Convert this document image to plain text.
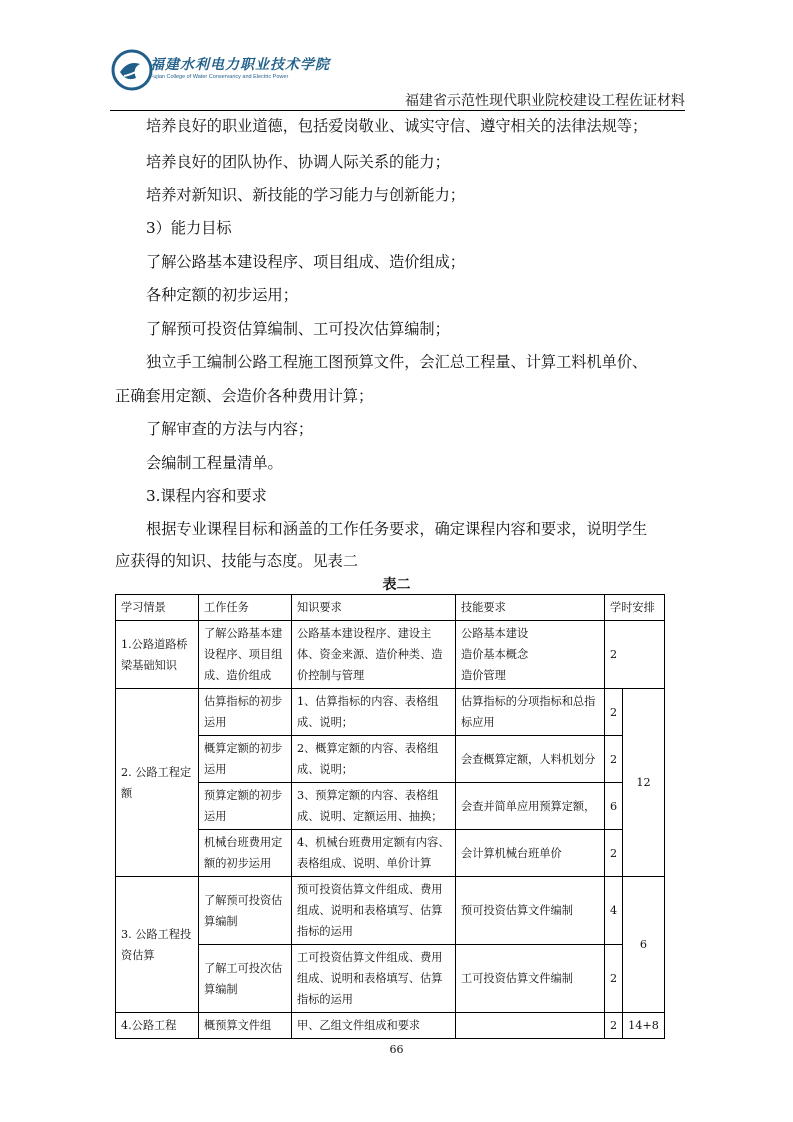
福建水利电力职业技术学院
Fujian College of Water Conservancy and Electric Power
福建省示范性现代职业院校建设工程佐证材料
培养良好的职业道德，包括爱岗敬业、诚实守信、遵守相关的法律法规等；
培养良好的团队协作、协调人际关系的能力；
培养对新知识、新技能的学习能力与创新能力；
3）能力目标
了解公路基本建设程序、项目组成、造价组成；
各种定额的初步运用；
了解预可投资估算编制、工可投次估算编制；
独立手工编制公路工程施工图预算文件，会汇总工程量、计算工料机单价、
正确套用定额、会造价各种费用计算；
了解审查的方法与内容；
会编制工程量清单。
3.课程内容和要求
根据专业课程目标和涵盖的工作任务要求，确定课程内容和要求，说明学生
应获得的知识、技能与态度。见表二
表二
学习情景	工作任务	知识要求	技能要求	学时安排	
1.公路道路桥梁基础知识	了解公路基本建设程序、项目组成、造价组成	公路基本建设程序、建设主体、资金来源、造价种类、造价控制与管理	公路基本建设
造价基本概念
造价管理	2	
2. 公路工程定额	估算指标的初步运用	1、估算指标的内容、表格组成、说明；	估算指标的分项指标和总指标应用	2	12
	概算定额的初步运用	2、概算定额的内容、表格组成、说明；	会查概算定额，人料机划分	2	
	预算定额的初步运用	3、预算定额的内容、表格组成、说明、定额运用、抽换；	会查并简单应用预算定额，	6	
	机械台班费用定额的初步运用	4、机械台班费用定额有内容、表格组成、说明、单价计算	会计算机械台班单价	2	
3. 公路工程投资估算	了解预可投资估算编制	预可投资估算文件组成、费用组成、说明和表格填写、估算指标的运用	预可投资估算文件编制	4	6
	了解工可投次估算编制	工可投资估算文件组成、费用组成、说明和表格填写、估算指标的运用	工可投资估算文件编制	2	
4.公路工程	概预算文件组	甲、乙组文件组成和要求		2	14+8
66
